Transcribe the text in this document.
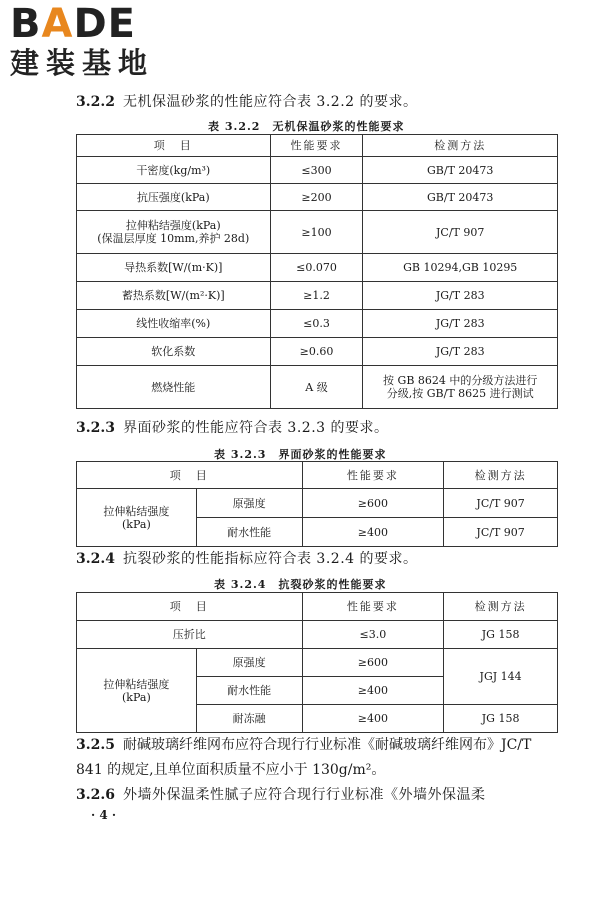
BADE
建装基地
3.2.2 无机保温砂浆的性能应符合表 3.2.2 的要求。
表 3.2.2　无机保温砂浆的性能要求
项　目	性能要求	检测方法
干密度(kg/m³)	≤300	GB/T 20473
抗压强度(kPa)	≥200	GB/T 20473

拉伸粘结强度(kPa)
(保温层厚度 10mm,养护 28d)	≥100	JC/T 907
导热系数[W/(m·K)]	≤0.070	GB 10294,GB 10295
蓄热系数[W/(m²·K)]	≥1.2	JG/T 283
线性收缩率(%)	≤0.3	JG/T 283
软化系数	≥0.60	JG/T 283
燃烧性能	A 级	按 GB 8624 中的分级方法进行
分级,按 GB/T 8625 进行测试
3.2.3 界面砂浆的性能应符合表 3.2.3 的要求。
表 3.2.3　界面砂浆的性能要求
项　目		性能要求	检测方法

拉伸粘结强度
(kPa)	原强度	≥600	JC/T 907
	耐水性能	≥400	JC/T 907
3.2.4 抗裂砂浆的性能指标应符合表 3.2.4 的要求。
表 3.2.4　抗裂砂浆的性能要求
项　目		性能要求	检测方法
压折比		≤3.0	JG 158

拉伸粘结强度
(kPa)	原强度	≥600	JGJ 144
	耐水性能	≥400	
	耐冻融	≥400	JG 158
3.2.5 耐碱玻璃纤维网布应符合现行行业标准《耐碱玻璃纤维网布》JC/T 841 的规定,且单位面积质量不应小于 130g/m²。
3.2.6 外墙外保温柔性腻子应符合现行行业标准《外墙外保温柔
· 4 ·
